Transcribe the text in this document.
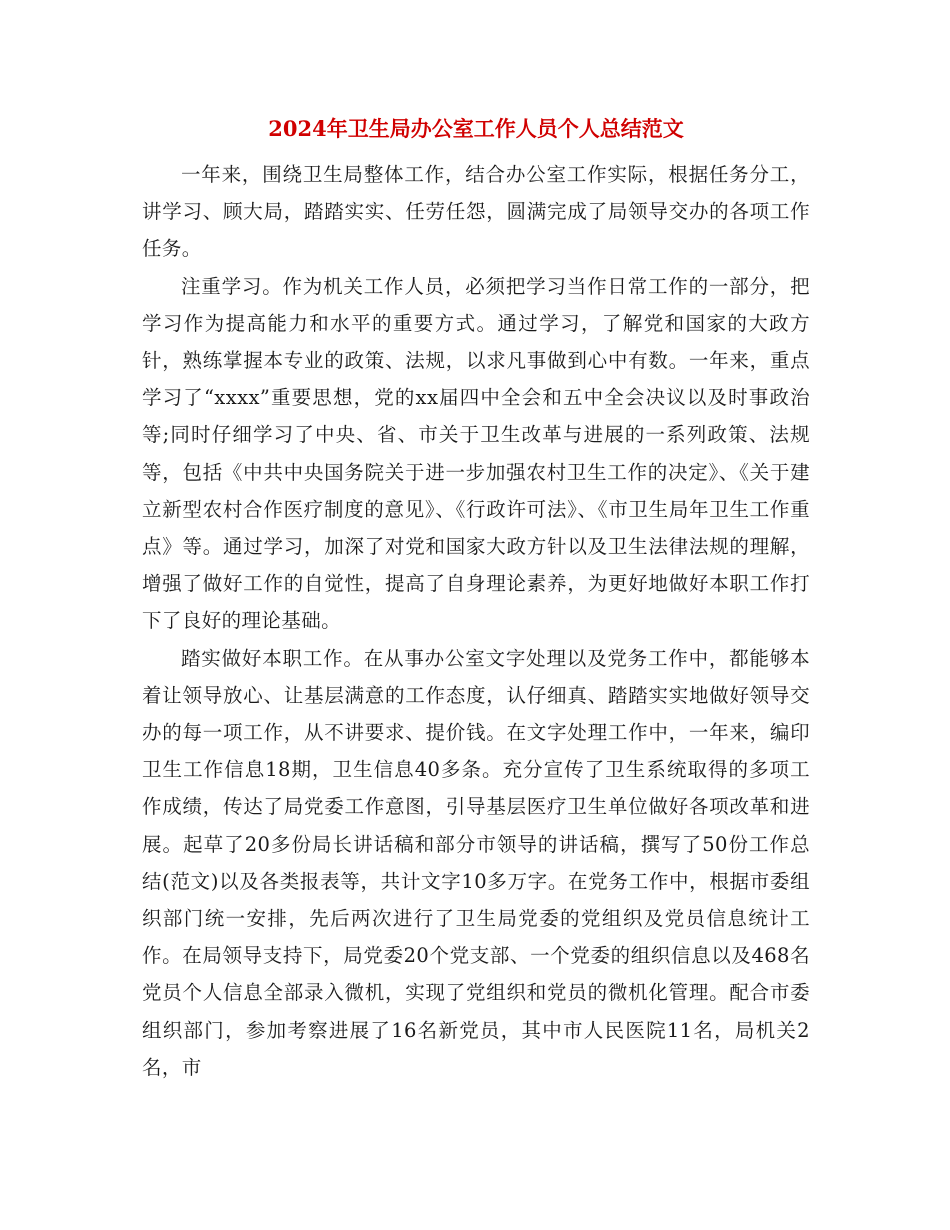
2024年卫生局办公室工作人员个人总结范文

一年来，围绕卫生局整体工作，结合办公室工作实际，根据任务分工，讲学习、顾大局，踏踏实实、任劳任怨，圆满完成了局领导交办的各项工作任务。

注重学习。作为机关工作人员，必须把学习当作日常工作的一部分，把学习作为提高能力和水平的重要方式。通过学习，了解党和国家的大政方针，熟练掌握本专业的政策、法规，以求凡事做到心中有数。一年来，重点学习了“xxxx”重要思想，党的xx届四中全会和五中全会决议以及时事政治等;同时仔细学习了中央、省、市关于卫生改革与进展的一系列政策、法规等，包括《中共中央国务院关于进一步加强农村卫生工作的决定》、《关于建立新型农村合作医疗制度的意见》、《行政许可法》、《市卫生局年卫生工作重点》等。通过学习，加深了对党和国家大政方针以及卫生法律法规的理解，增强了做好工作的自觉性，提高了自身理论素养，为更好地做好本职工作打下了良好的理论基础。

踏实做好本职工作。在从事办公室文字处理以及党务工作中，都能够本着让领导放心、让基层满意的工作态度，认仔细真、踏踏实实地做好领导交办的每一项工作，从不讲要求、提价钱。在文字处理工作中，一年来，编印卫生工作信息18期，卫生信息40多条。充分宣传了卫生系统取得的多项工作成绩，传达了局党委工作意图，引导基层医疗卫生单位做好各项改革和进展。起草了20多份局长讲话稿和部分市领导的讲话稿，撰写了50份工作总结(范文)以及各类报表等，共计文字10多万字。在党务工作中，根据市委组织部门统一安排，先后两次进行了卫生局党委的党组织及党员信息统计工作。在局领导支持下，局党委20个党支部、一个党委的组织信息以及468名党员个人信息全部录入微机，实现了党组织和党员的微机化管理。配合市委组织部门，参加考察进展了16名新党员，其中市人民医院11名，局机关2名，市
